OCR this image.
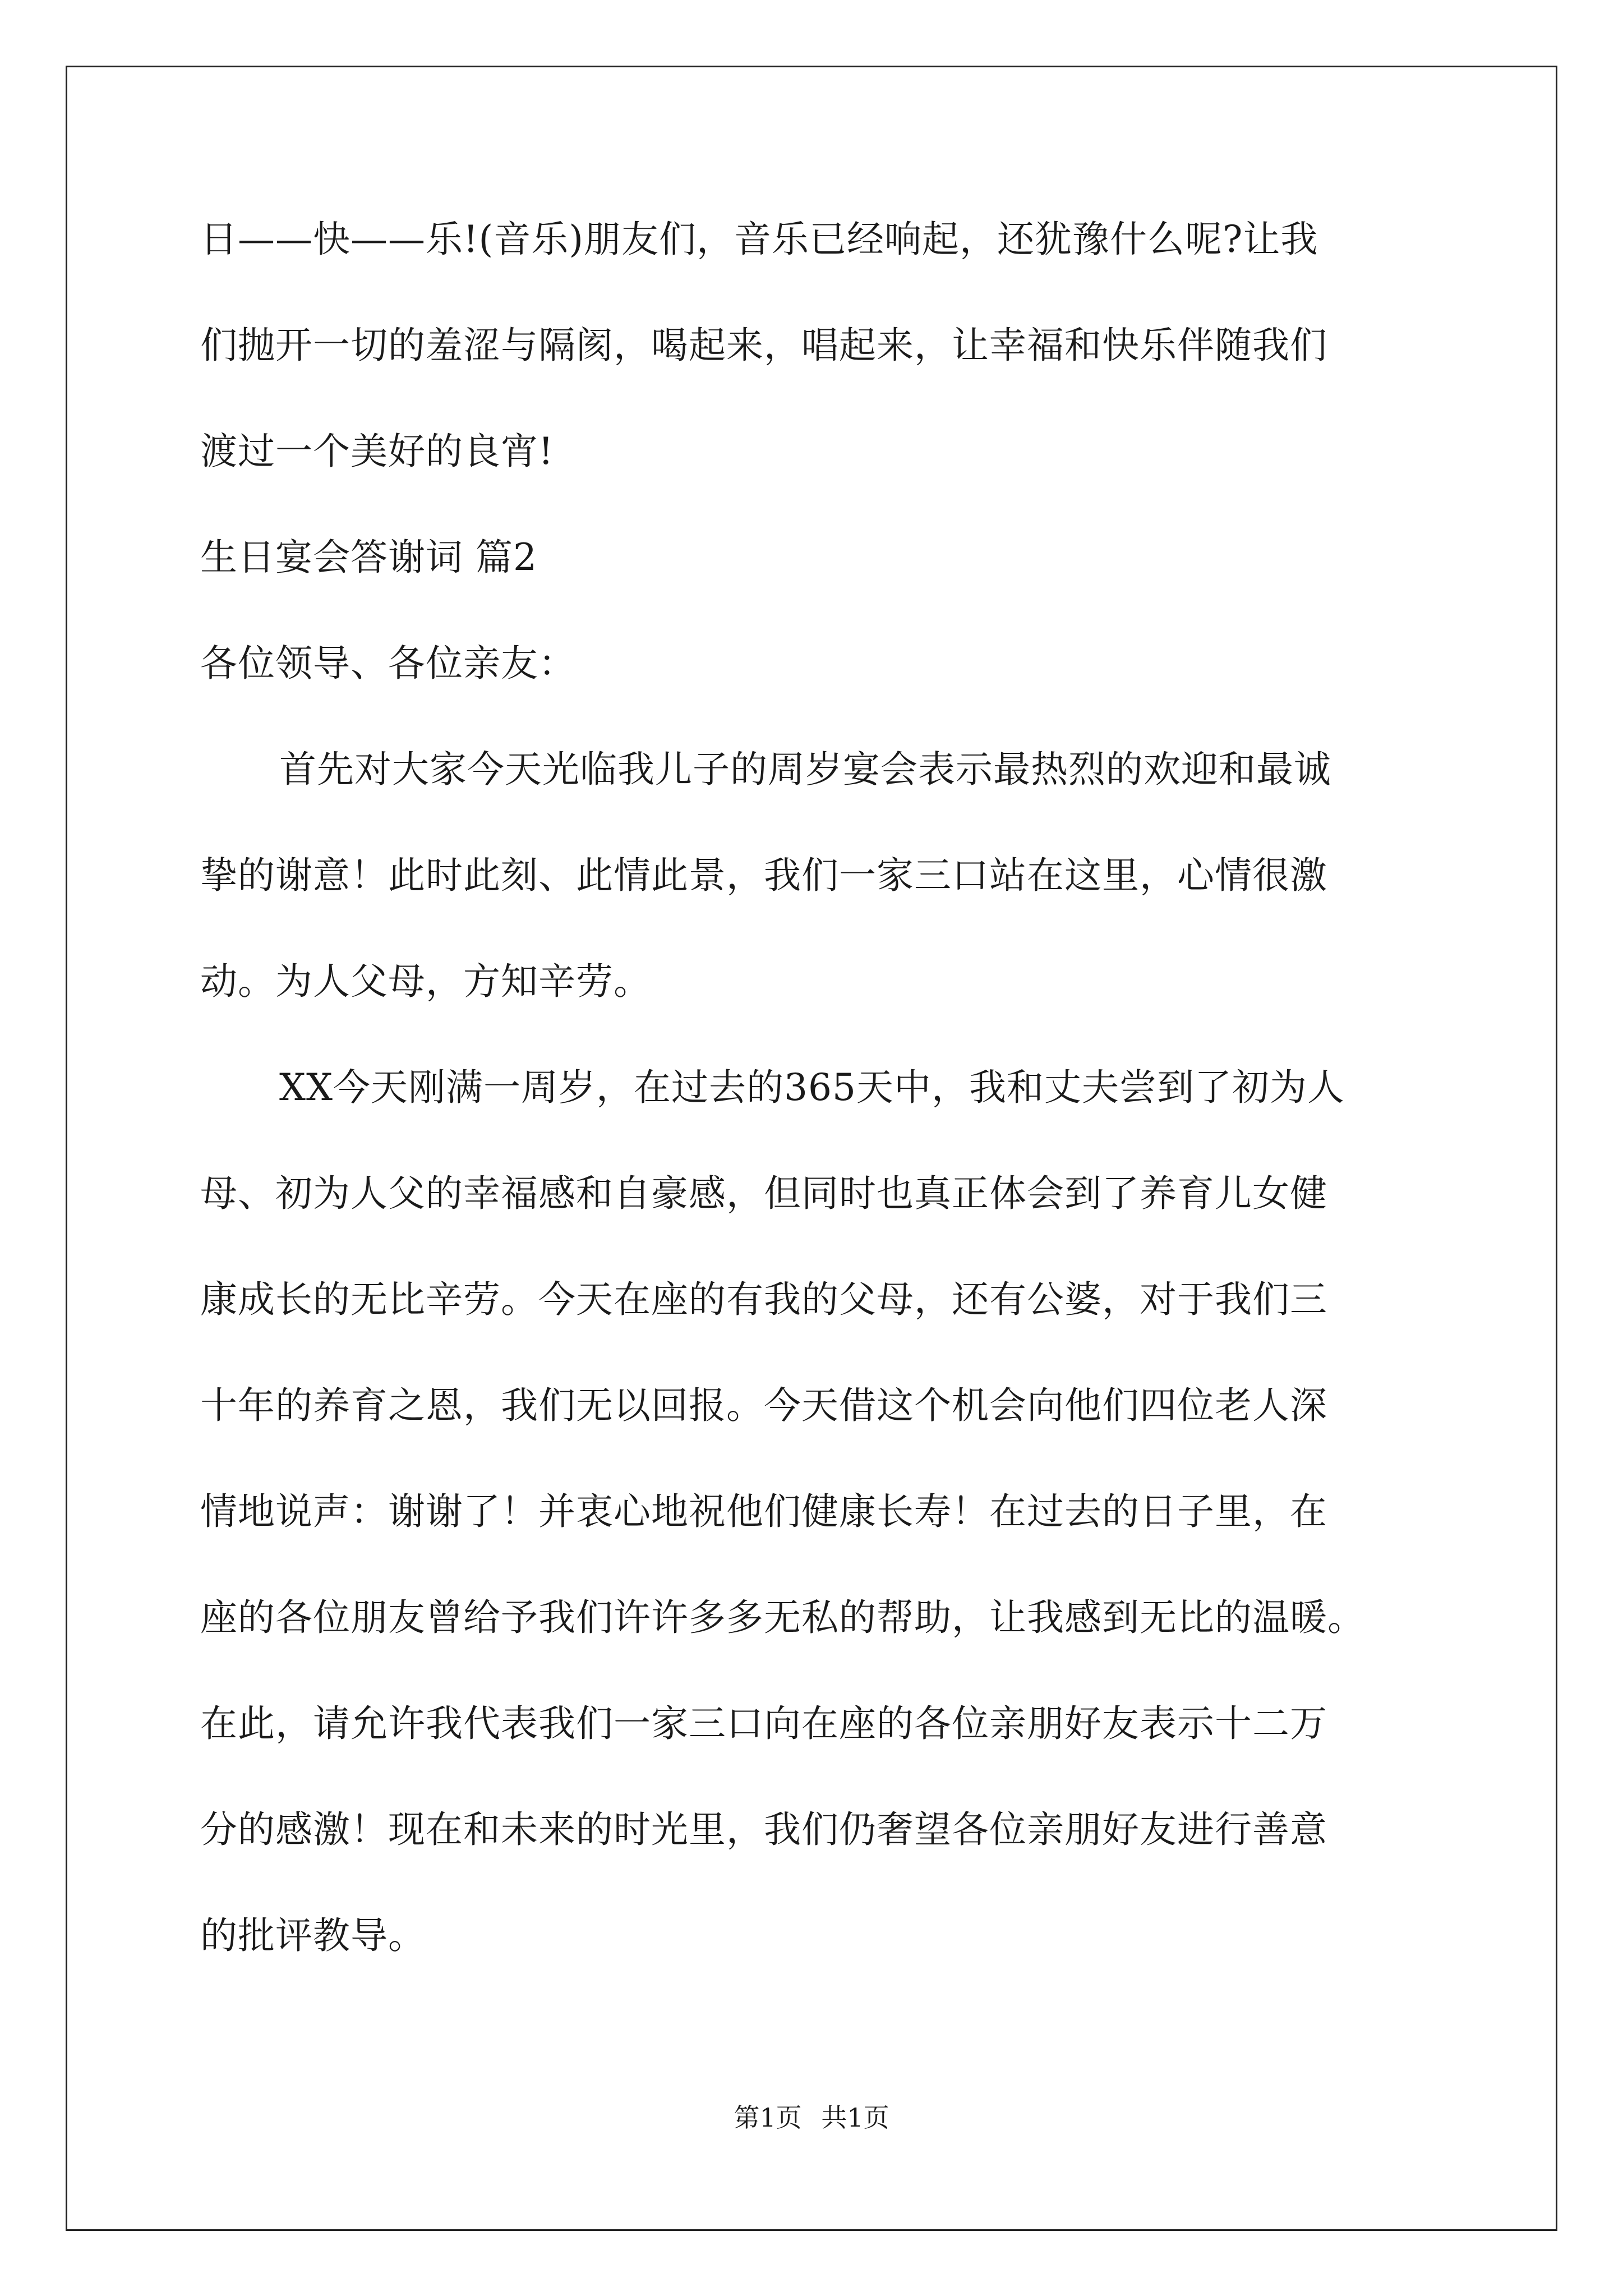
日——快——乐!(音乐)朋友们，音乐已经响起，还犹豫什么呢?让我
们抛开一切的羞涩与隔阂，喝起来，唱起来，让幸福和快乐伴随我们
渡过一个美好的良宵!
生日宴会答谢词 篇2
各位领导、各位亲友：
首先对大家今天光临我儿子的周岁宴会表示最热烈的欢迎和最诚
挚的谢意！此时此刻、此情此景，我们一家三口站在这里，心情很激
动。为人父母，方知辛劳。
XX今天刚满一周岁，在过去的365天中，我和丈夫尝到了初为人
母、初为人父的幸福感和自豪感，但同时也真正体会到了养育儿女健
康成长的无比辛劳。今天在座的有我的父母，还有公婆，对于我们三
十年的养育之恩，我们无以回报。今天借这个机会向他们四位老人深
情地说声：谢谢了！并衷心地祝他们健康长寿！在过去的日子里，在
座的各位朋友曾给予我们许许多多无私的帮助，让我感到无比的温暖。
在此，请允许我代表我们一家三口向在座的各位亲朋好友表示十二万
分的感激！现在和未来的时光里，我们仍奢望各位亲朋好友进行善意
的批评教导。
第1页 共1页
